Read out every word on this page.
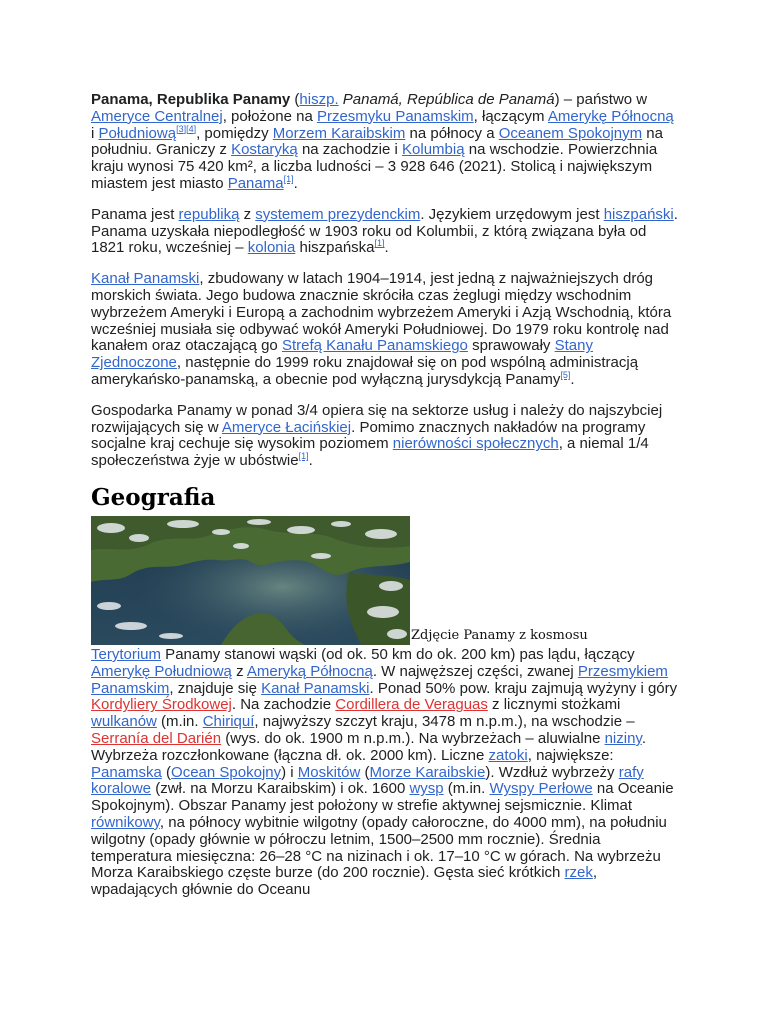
Panama, Republika Panamy (hiszp. Panamá, República de Panamá) – państwo w Ameryce Centralnej, położone na Przesmyku Panamskim, łączącym Amerykę Północną i Południową[3][4], pomiędzy Morzem Karaibskim na północy a Oceanem Spokojnym na południu. Graniczy z Kostaryką na zachodzie i Kolumbią na wschodzie. Powierzchnia kraju wynosi 75 420 km², a liczba ludności – 3 928 646 (2021). Stolicą i największym miastem jest miasto Panama[1].

Panama jest republiką z systemem prezydenckim. Językiem urzędowym jest hiszpański. Panama uzyskała niepodległość w 1903 roku od Kolumbii, z którą związana była od 1821 roku, wcześniej – kolonia hiszpańska[1].

Kanał Panamski, zbudowany w latach 1904–1914, jest jedną z najważniejszych dróg morskich świata. Jego budowa znacznie skróciła czas żeglugi między wschodnim wybrzeżem Ameryki i Europą a zachodnim wybrzeżem Ameryki i Azją Wschodnią, która wcześniej musiała się odbywać wokół Ameryki Południowej. Do 1979 roku kontrolę nad kanałem oraz otaczającą go Strefą Kanału Panamskiego sprawowały Stany Zjednoczone, następnie do 1999 roku znajdował się on pod wspólną administracją amerykańsko-panamską, a obecnie pod wyłączną jurysdykcją Panamy[5].

Gospodarka Panamy w ponad 3/4 opiera się na sektorze usług i należy do najszybciej rozwijających się w Ameryce Łacińskiej. Pomimo znacznych nakładów na programy socjalne kraj cechuje się wysokim poziomem nierówności społecznych, a niemal 1/4 społeczeństwa żyje w ubóstwie[1].

Geografia
Zdjęcie Panamy z kosmosu

Terytorium Panamy stanowi wąski (od ok. 50 km do ok. 200 km) pas lądu, łączący Amerykę Południową z Ameryką Północną. W najwęższej części, zwanej Przesmykiem Panamskim, znajduje się Kanał Panamski. Ponad 50% pow. kraju zajmują wyżyny i góry Kordyliery Środkowej. Na zachodzie Cordillera de Veraguas z licznymi stożkami wulkanów (m.in. Chiriquí, najwyższy szczyt kraju, 3478 m n.p.m.), na wschodzie – Serranía del Darién (wys. do ok. 1900 m n.p.m.). Na wybrzeżach – aluwialne niziny. Wybrzeża rozczłonkowane (łączna dł. ok. 2000 km). Liczne zatoki, największe: Panamska (Ocean Spokojny) i Moskitów (Morze Karaibskie). Wzdłuż wybrzeży rafy koralowe (zwł. na Morzu Karaibskim) i ok. 1600 wysp (m.in. Wyspy Perłowe na Oceanie Spokojnym). Obszar Panamy jest położony w strefie aktywnej sejsmicznie. Klimat równikowy, na północy wybitnie wilgotny (opady całoroczne, do 4000 mm), na południu wilgotny (opady głównie w półroczu letnim, 1500–2500 mm rocznie). Średnia temperatura miesięczna: 26–28 °C na nizinach i ok. 17–10 °C w górach. Na wybrzeżu Morza Karaibskiego częste burze (do 200 rocznie). Gęsta sieć krótkich rzek, wpadających głównie do Oceanu
